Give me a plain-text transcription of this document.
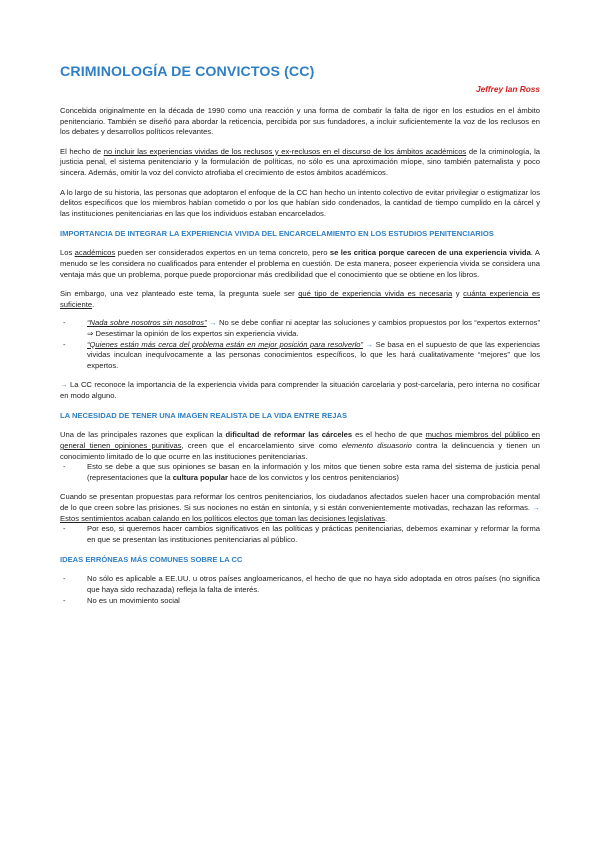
CRIMINOLOGÍA DE CONVICTOS (CC)
Jeffrey Ian Ross

Concebida originalmente en la década de 1990 como una reacción y una forma de combatir la falta de rigor en los estudios en el ámbito penitenciario. También se diseñó para abordar la reticencia, percibida por sus fundadores, a incluir suficientemente la voz de los reclusos en los debates y desarrollos políticos relevantes.

El hecho de no incluir las experiencias vividas de los reclusos y ex-reclusos en el discurso de los ámbitos académicos de la criminología, la justicia penal, el sistema penitenciario y la formulación de políticas, no sólo es una aproximación míope, sino también paternalista y poco sincera. Además, omitir la voz del convicto atrofiaba el crecimiento de estos ámbitos académicos.

A lo largo de su historia, las personas que adoptaron el enfoque de la CC han hecho un intento colectivo de evitar privilegiar o estigmatizar los delitos específicos que los miembros habían cometido o por los que habían sido condenados, la cantidad de tiempo cumplido en la cárcel y las instituciones penitenciarias en las que los individuos estaban encarcelados.

IMPORTANCIA DE INTEGRAR LA EXPERIENCIA VIVIDA DEL ENCARCELAMIENTO EN LOS ESTUDIOS PENITENCIARIOS

Los académicos pueden ser considerados expertos en un tema concreto, pero se les critica porque carecen de una experiencia vivida. A menudo se les considera no cualificados para entender el problema en cuestión. De esta manera, poseer experiencia vivida se considera una ventaja más que un problema, porque puede proporcionar más credibilidad que el conocimiento que se obtiene en los libros.

Sin embargo, una vez planteado este tema, la pregunta suele ser qué tipo de experiencia vivida es necesaria y cuánta experiencia es suficiente.

- “Nada sobre nosotros sin nosotros” → No se debe confiar ni aceptar las soluciones y cambios propuestos por los “expertos externos” ⇒ Desestimar la opinión de los expertos sin experiencia vivida.
- “Quienes están más cerca del problema están en mejor posición para resolverlo” → Se basa en el supuesto de que las experiencias vividas inculcan inequívocamente a las personas conocimientos específicos, lo que les hará cualitativamente “mejores” que los expertos.

→ La CC reconoce la importancia de la experiencia vivida para comprender la situación carcelaria y post-carcelaria, pero interna no cosificar en modo alguno.

LA NECESIDAD DE TENER UNA IMAGEN REALISTA DE LA VIDA ENTRE REJAS

Una de las principales razones que explican la dificultad de reformar las cárceles es el hecho de que muchos miembros del público en general tienen opiniones punitivas, creen que el encarcelamiento sirve como elemento disuasorio contra la delincuencia y tienen un conocimiento limitado de lo que ocurre en las instituciones penitenciarias.

- Esto se debe a que sus opiniones se basan en la información y los mitos que tienen sobre esta rama del sistema de justicia penal (representaciones que la cultura popular hace de los convictos y los centros penitenciarios)

Cuando se presentan propuestas para reformar los centros penitenciarios, los ciudadanos afectados suelen hacer una comprobación mental de lo que creen sobre las prisiones. Si sus nociones no están en sintonía, y si están convenientemente motivadas, rechazan las reformas. → Estos sentimientos acaban calando en los políticos electos que toman las decisiones legislativas.

- Por eso, si queremos hacer cambios significativos en las políticas y prácticas penitenciarias, debemos examinar y reformar la forma en que se presentan las instituciones penitenciarias al público.
IDEAS ERRÓNEAS MÁS COMUNES SOBRE LA CC
- No sólo es aplicable a EE.UU. u otros países angloamericanos, el hecho de que no haya sido adoptada en otros países (no significa que haya sido rechazada) refleja la falta de interés.
- No es un movimiento social
